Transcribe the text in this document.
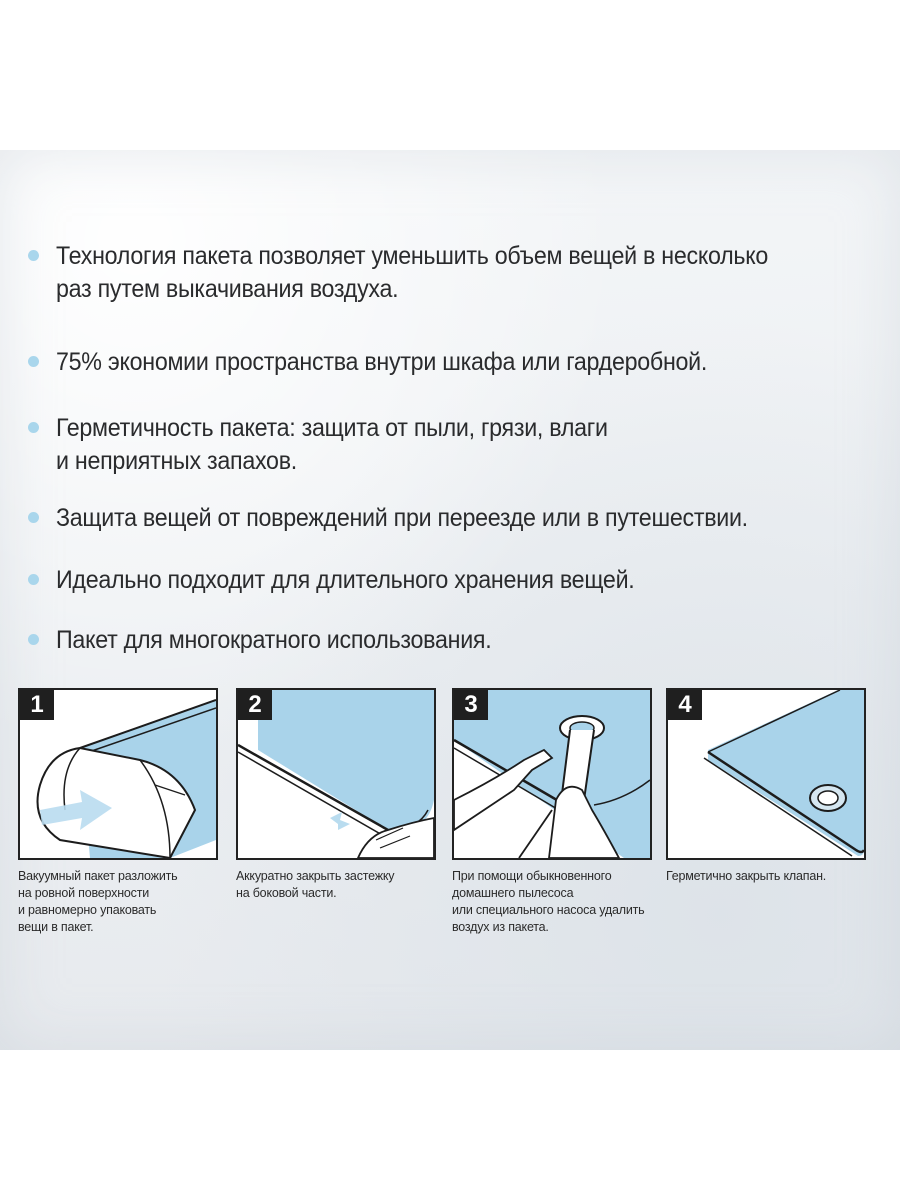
Технология пакета позволяет уменьшить объем вещей в несколько
раз путем выкачивания воздуха.
75% экономии пространства внутри шкафа или гардеробной.
Герметичность пакета: защита от пыли, грязи, влаги
и неприятных запахов.
Защита вещей от повреждений при переезде или в путешествии.
Идеально подходит для длительного хранения вещей.
Пакет для многократного использования.
1
Вакуумный пакет разложить
на ровной поверхности
и равномерно упаковать
вещи в пакет.
2
Аккуратно закрыть застежку
на боковой части.
3
При помощи обыкновенного
домашнего пылесоса
или специального насоса удалить
воздух из пакета.
4
Герметично закрыть клапан.
